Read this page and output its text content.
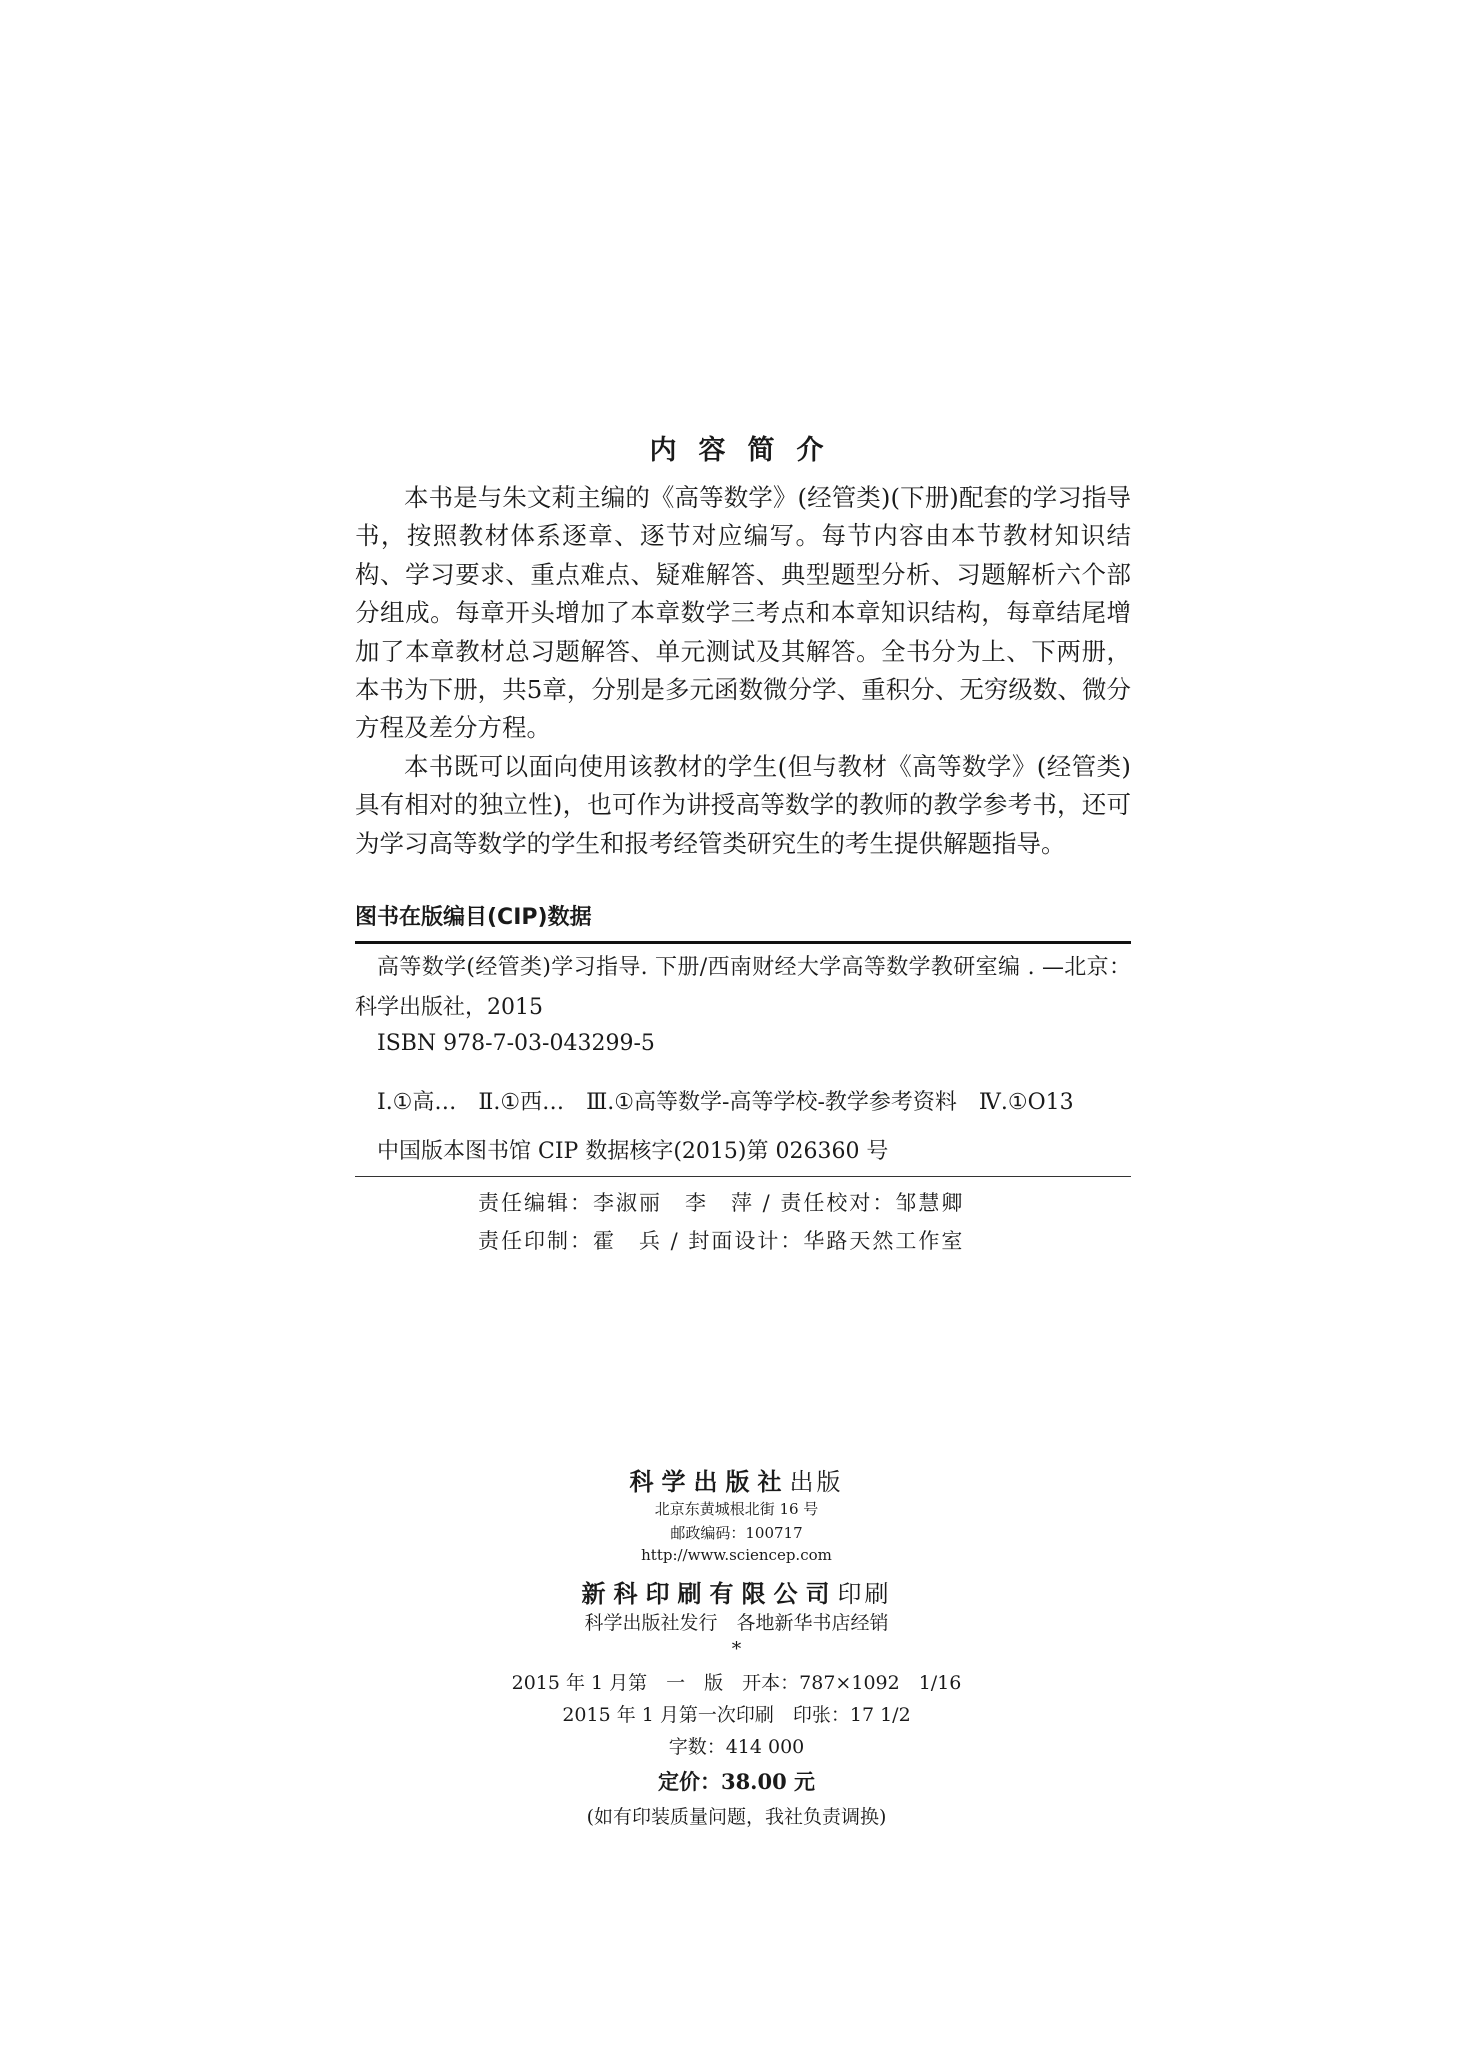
内容简介

本书是与朱文莉主编的《高等数学》(经管类)(下册)配套的学习指导书，按照教材体系逐章、逐节对应编写。每节内容由本节教材知识结构、学习要求、重点难点、疑难解答、典型题型分析、习题解析六个部分组成。每章开头增加了本章数学三考点和本章知识结构，每章结尾增加了本章教材总习题解答、单元测试及其解答。全书分为上、下两册，本书为下册，共5章，分别是多元函数微分学、重积分、无穷级数、微分方程及差分方程。

本书既可以面向使用该教材的学生(但与教材《高等数学》(经管类)具有相对的独立性)，也可作为讲授高等数学的教师的教学参考书，还可为学习高等数学的学生和报考经管类研究生的考生提供解题指导。

图书在版编目(CIP)数据

高等数学(经管类)学习指导. 下册/西南财经大学高等数学教研室编 . —北京：科学出版社，2015

ISBN 978-7-03-043299-5
Ⅰ.①高…　Ⅱ.①西…　Ⅲ.①高等数学-高等学校-教学参考资料　Ⅳ.①O13
中国版本图书馆 CIP 数据核字(2015)第 026360 号
责任编辑：李淑丽　李　萍 / 责任校对：邹慧卿
责任印制：霍　兵 / 封面设计：华路天然工作室
科学出版社出版
北京东黄城根北街 16 号
邮政编码：100717
http://www.sciencep.com
新科印刷有限公司印刷
科学出版社发行　各地新华书店经销
*
2015 年 1 月第　一　版　开本：787×1092　1/16
2015 年 1 月第一次印刷　印张：17 1/2
字数：414 000
定价：38.00 元
(如有印装质量问题，我社负责调换)
